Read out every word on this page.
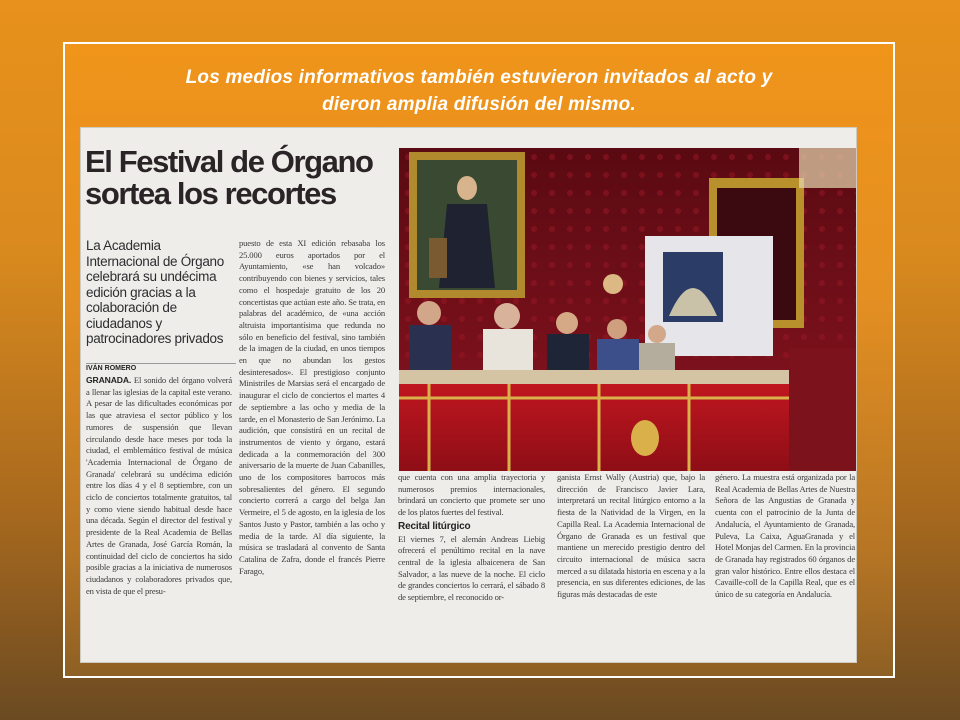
Los medios informativos también estuvieron invitados al acto y
dieron amplia difusión del mismo.
El Festival de Órgano sortea los recortes
La Academia Internacional de Órgano celebrará su undécima edición gracias a la colaboración de ciudadanos y patrocinadores privados
IVÁN ROMERO
GRANADA. El sonido del órgano volverá a llenar las iglesias de la capital este verano. A pesar de las dificultades económicas por las que atraviesa el sector público y los rumores de suspensión que llevan circulando desde hace meses por toda la ciudad, el emblemático festival de música 'Academia Internacional de Órgano de Granada' celebrará su undécima edición entre los días 4 y el 8 septiembre, con un ciclo de conciertos totalmente gratuitos, tal y como viene siendo habitual desde hace una década. Según el director del festival y presidente de la Real Academia de Bellas Artes de Granada, José García Román, la continuidad del ciclo de conciertos ha sido posible gracias a la iniciativa de numerosos ciudadanos y colaboradores privados que, en vista de que el presu-
puesto de esta XI edición rebasaba los 25.000 euros aportados por el Ayuntamiento, «se han volcado» contribuyendo con bienes y servicios, tales como el hospedaje gratuito de los 20 concertistas que actúan este año. Se trata, en palabras del académico, de «una acción altruista importantísima que redunda no sólo en beneficio del festival, sino también de la imagen de la ciudad, en unos tiempos en que no abundan los gestos desinteresados». El prestigioso conjunto Ministriles de Marsias será el encargado de inaugurar el ciclo de conciertos el martes 4 de septiembre a las ocho y media de la tarde, en el Monasterio de San Jerónimo. La audición, que consistirá en un recital de instrumentos de viento y órgano, estará dedicada a la conmemoración del 300 aniversario de la muerte de Juan Cabanilles, uno de los compositores barrocos más sobresalientes del género. El segundo concierto correrá a cargo del belga Jan Vermeire, el 5 de agosto, en la iglesia de los Santos Justo y Pastor, también a las ocho y media de la tarde. Al día siguiente, la música se trasladará al convento de Santa Catalina de Zafra, donde el francés Pierre Farago,
que cuenta con una amplia trayectoria y numerosos premios internacionales, brindará un concierto que promete ser uno de los platos fuertes del festival.
Recital litúrgico
El viernes 7, el alemán Andreas Liebig ofrecerá el penúltimo recital en la nave central de la iglesia albaicenera de San Salvador, a las nueve de la noche. El ciclo de grandes conciertos lo cerrará, el sábado 8 de septiembre, el reconocido or-
ganista Ernst Wally (Austria) que, bajo la dirección de Francisco Javier Lara, interpretará un recital litúrgico entorno a la fiesta de la Natividad de la Virgen, en la Capilla Real. La Academia Internacional de Órgano de Granada es un festival que mantiene un merecido prestigio dentro del circuito internacional de música sacra merced a su dilatada historia en escena y a la presencia, en sus diferentes ediciones, de las figuras más destacadas de este
género. La muestra está organizada por la Real Academia de Bellas Artes de Nuestra Señora de las Angustias de Granada y cuenta con el patrocinio de la Junta de Andalucía, el Ayuntamiento de Granada, Puleva, La Caixa, AguaGranada y el Hotel Monjas del Carmen. En la provincia de Granada hay registrados 60 órganos de gran valor histórico. Entre ellos destaca el Cavaille-coll de la Capilla Real, que es el único de su categoría en Andalucía.
